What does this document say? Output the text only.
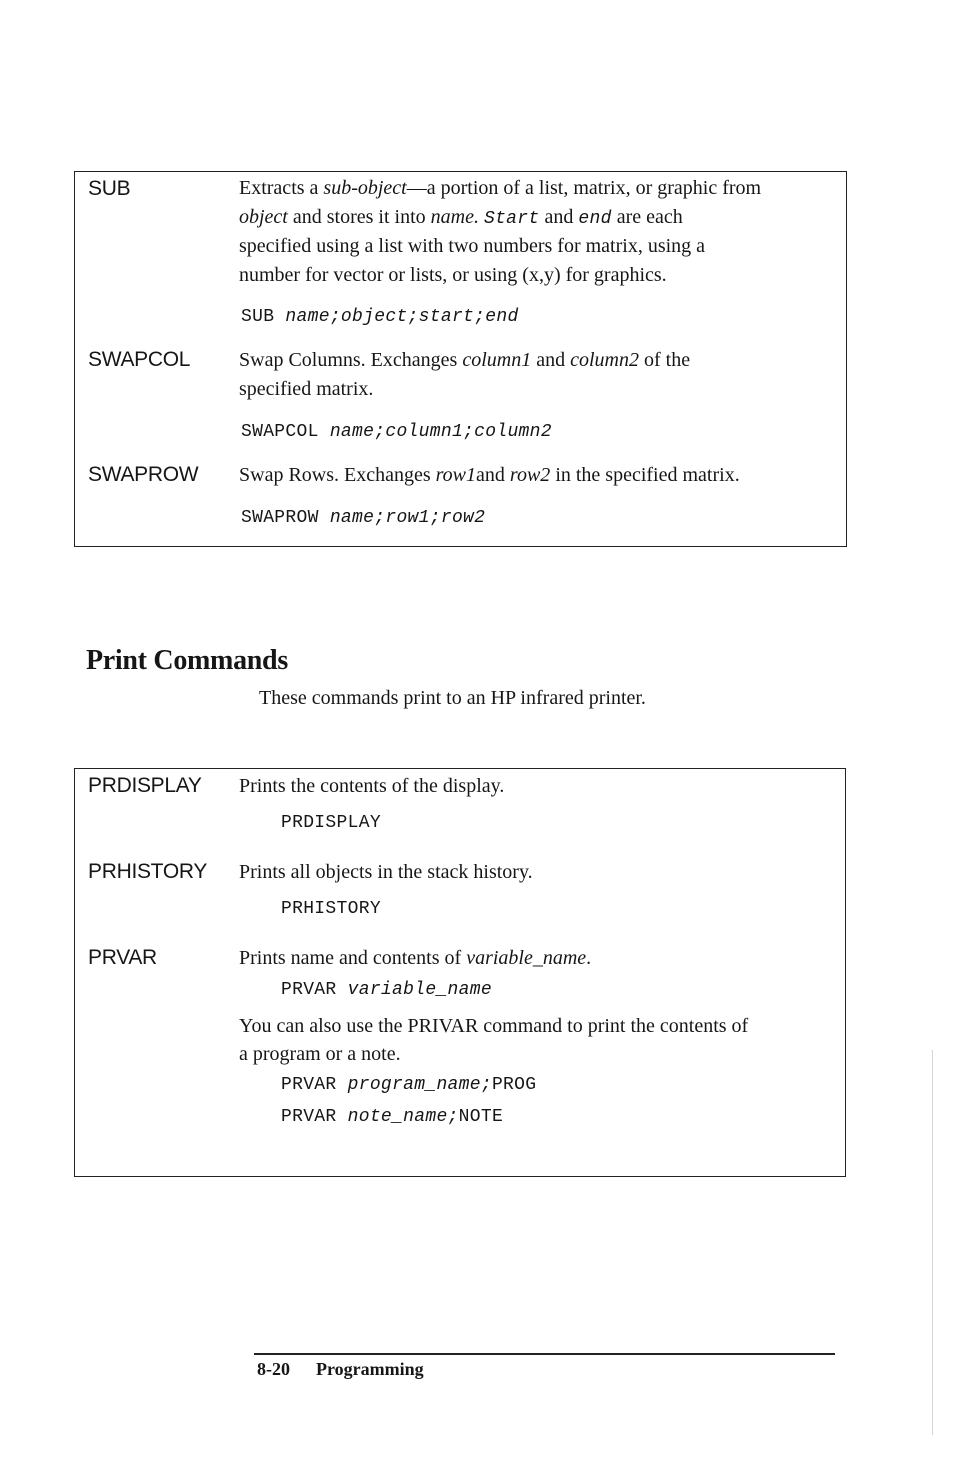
SUB	Extracts a sub-object—a portion of a list, matrix, or graphic from
object and stores it into name. Start and end are each
specified using a list with two numbers for matrix, using a
number for vector or lists, or using (x,y) for graphics.
SUB name;object;start;end
SWAPCOL Swap Columns. Exchanges column1 and column2 of the
specified matrix.
SWAPCOL name;column1;column2
SWAPROW Swap Rows. Exchanges row1and row2 in the specified matrix.
SWAPROW name;row1;row2
Print Commands
These commands print to an HP infrared printer.
PRDISPLAY Prints the contents of the display.
PRDISPLAY
PRHISTORY Prints all objects in the stack history.
PRHISTORY
PRVAR	Prints name and contents of variable_name.
PRVAR variable_name
You can also use the PRIVAR command to print the contents of
a program or a note.
PRVAR program_name;PROG
PRVAR note_name;NOTE
8-20 Programming
